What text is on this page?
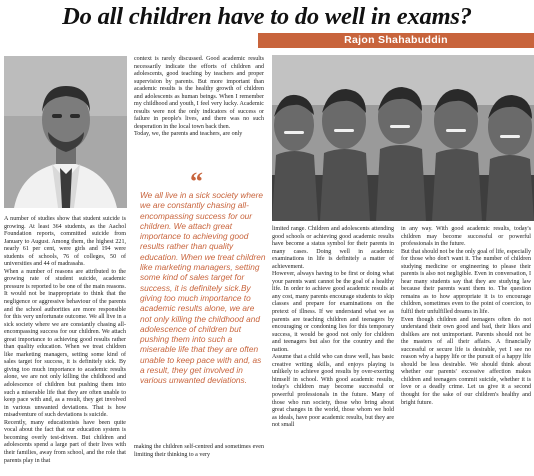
Do all children have to do well in exams?
Rajon Shahabuddin

A number of studies show that student suicide is growing. At least 364 students, as the Aachol Foundation reports, committed suicide from January to August. Among them, the highest 221, nearly 61 per cent, were girls and 194 were students of schools, 76 of colleges, 50 of universities and 44 of madrasahs.
When a number of reasons are attributed to the growing rate of student suicide, academic pressure is reported to be one of the main reasons. It would not be inappropriate to think that the negligence or aggressive behaviour of the parents and the school authorities are more responsible for this very unfortunate outcome. We all live in a sick society where we are constantly chasing all-encompassing success for our children. We attach great importance to achieving good results rather than quality education. When we treat children like marketing managers, setting some kind of sales target for success, it is definitely sick. By giving too much importance to academic results alone, we are not only killing the childhood and adolescence of children but pushing them into such a miserable life that they are often unable to keep pace with and, as a result, they get involved in various unwanted deviations. That is how misadventure of such deviations is suicide.
Recently, many educationists have been quite vocal about the fact that our education system is becoming overly test-driven. But children and adolescents spend a large part of their lives with their families, away from school, and the role that parents play in that

context is rarely discussed. Good academic results necessarily indicate the efforts of children and adolescents, good teaching by teachers and proper supervision by parents. But more important than academic results is the healthy growth of children and adolescents as human beings. When I remember my childhood and youth, I feel very lucky. Academic results were not the only indicators of success or failure in people's lives, and there was no such desperation in the local town back then.
Today, we, the parents and teachers, are only

“
We all live in a sick society where we are constantly chasing all-encompassing success for our children. We attach great importance to achieving good results rather than quality education. When we treat children like marketing managers, setting some kind of sales target for success, it is definitely sick.By giving too much importance to academic results alone, we are not only killing the childhood and adolescence of children but pushing them into such a miserable life that they are often unable to keep pace with and, as a result, they get involved in various unwanted deviations.

making the children self-centred and sometimes even limiting their thinking to a very

limited range. Children and adolescents attending good schools or achieving good academic results have become a status symbol for their parents in many cases. Doing well in academic examinations in life is definitely a matter of achievement.
However, always having to be first or doing what your parents want cannot be the goal of a healthy life. In order to achieve good academic results at any cost, many parents encourage students to skip classes and prepare for examinations on the pretext of illness. If we understand what we as parents are teaching children and teenagers by encouraging or condoning lies for this temporary success, it would be good not only for children and teenagers but also for the country and the nation.
Assume that a child who can draw well, has basic creative writing skills, and enjoys playing is unlikely to achieve good results by over-exerting himself in school. With good academic results, today's children may become successful or powerful professionals in the future. Many of those who run society, those who bring about great changes in the world, those whom we hold as ideals, have poor academic results, but they are not small

in any way. With good academic results, today's children may become successful or powerful professionals in the future.
But that should not be the only goal of life, especially for those who don't want it. The number of children studying medicine or engineering to please their parents is also not negligible. Even in conversation, I hear many students say that they are studying law because their parents want them to. The question remains as to how appropriate it is to encourage children, sometimes even to the point of coercion, to fulfil their unfulfilled dreams in life.
Even though children and teenagers often do not understand their own good and bad, their likes and dislikes are not unimportant. Parents should not be the masters of all their affairs. A financially successful or secure life is desirable, yet I see no reason why a happy life or the pursuit of a happy life should be less desirable. We should think about whether our parents' excessive affection makes children and teenagers commit suicide, whether it is love or a deadly crime. Let us give it a second thought for the sake of our children's healthy and bright future.
